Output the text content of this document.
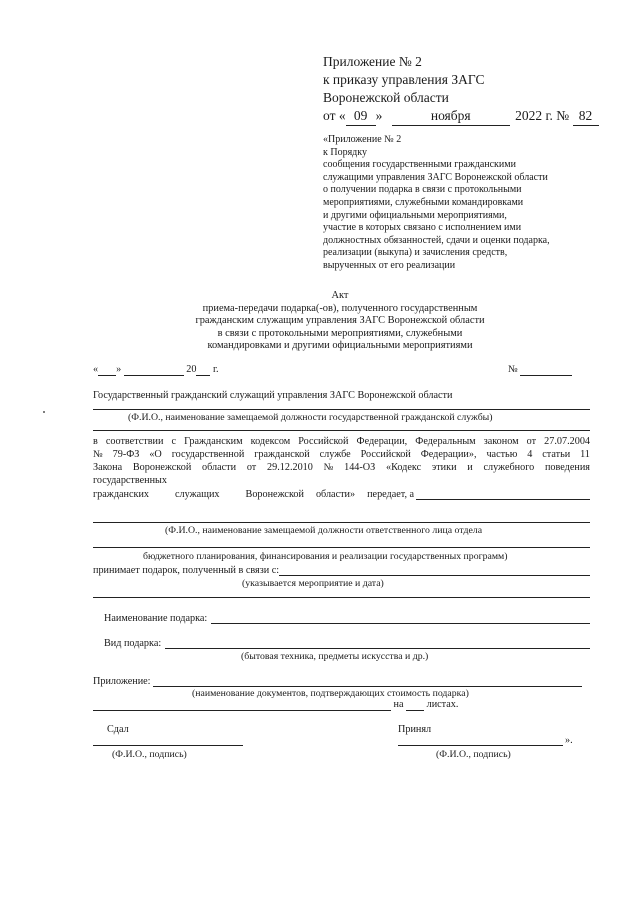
Приложение № 2
к приказу управления ЗАГС
Воронежской области
от « 09 »	ноября	2022 г. № 82
«Приложение № 2
к Порядку
сообщения государственными гражданскими
служащими управления ЗАГС Воронежской области
о получении подарка в связи с протокольными
мероприятиями, служебными командировками
и другими официальными мероприятиями,
участие в которых связано с исполнением ими
должностных обязанностей, сдачи и оценки подарка,
реализации (выкупа) и зачисления средств,
вырученных от его реализации
Акт
приема-передачи подарка(-ов), полученного государственным
гражданским служащим управления ЗАГС Воронежской области
в связи с протокольными мероприятиями, служебными
командировками и другими официальными мероприятиями
« »	20 г.	№
Государственный гражданский служащий управления ЗАГС Воронежской области
(Ф.И.О., наименование замещаемой должности государственной гражданской службы)
в соответствии с Гражданским кодексом Российской Федерации, Федеральным законом от 27.07.2004
№ 79-ФЗ «О государственной гражданской службе Российской Федерации», частью 4 статьи 11
Закона Воронежской области от 29.12.2010 № 144-ОЗ «Кодекс этики и служебного поведения
государственных
гражданских	служащих	Воронежской области» передает, а

(Ф.И.О., наименование замещаемой должности ответственного лица отдела
бюджетного планирования, финансирования и реализации государственных программ)
принимает подарок, полученный в связи с:

(указывается мероприятие и дата)
Наименование подарка:

Вид подарка:

(бытовая техника, предметы искусства и др.)
Приложение:

(наименование документов, подтверждающих стоимость подарка)
на листах.
Сдал	Принял
».
(Ф.И.О., подпись)	(Ф.И.О., подпись)
